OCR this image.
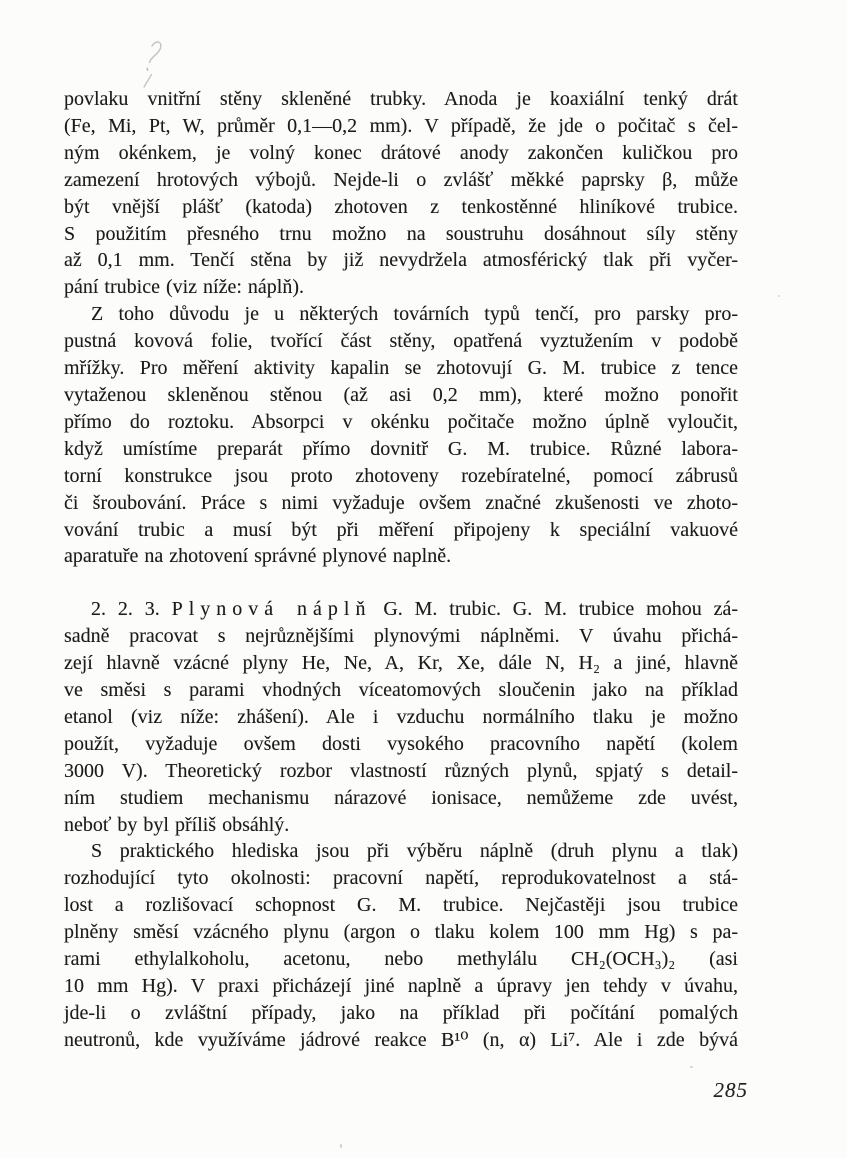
povlaku vnitřní stěny skleněné trubky. Anoda je koaxiální tenký drát
(Fe, Mi, Pt, W, průměr 0,1—0,2 mm). V případě, že jde o počitač s čel-
ným okénkem, je volný konec drátové anody zakončen kuličkou pro
zamezení hrotových výbojů. Nejde-li o zvlášť měkké paprsky β, může
být vnější plášť (katoda) zhotoven z tenkostěnné hliníkové trubice.
S použitím přesného trnu možno na soustruhu dosáhnout síly stěny
až 0,1 mm. Tenčí stěna by již nevydržela atmosférický tlak při vyčer-
pání trubice (viz níže: náplň).
Z toho důvodu je u některých továrních typů tenčí, pro parsky pro-
pustná kovová folie, tvořící část stěny, opatřená vyztužením v podobě
mřížky. Pro měření aktivity kapalin se zhotovují G. M. trubice z tence
vytaženou skleněnou stěnou (až asi 0,2 mm), které možno ponořit
přímo do roztoku. Absorpci v okénku počitače možno úplně vyloučit,
když umístíme preparát přímo dovnitř G. M. trubice. Různé labora-
torní konstrukce jsou proto zhotoveny rozebíratelné, pomocí zábrusů
či šroubování. Práce s nimi vyžaduje ovšem značné zkušenosti ve zhoto-
vování trubic a musí být při měření připojeny k speciální vakuové
aparatuře na zhotovení správné plynové naplně.
2. 2. 3. Plynová náplň G. M. trubic. G. M. trubice mohou zá-
sadně pracovat s nejrůznějšími plynovými náplněmi. V úvahu přichá-
zejí hlavně vzácné plyny He, Ne, A, Kr, Xe, dále N, H₂ a jiné, hlavně
ve směsi s parami vhodných víceatomových sloučenin jako na příklad
etanol (viz níže: zhášení). Ale i vzduchu normálního tlaku je možno
použít, vyžaduje ovšem dosti vysokého pracovního napětí (kolem
3000 V). Theoretický rozbor vlastností různých plynů, spjatý s detail-
ním studiem mechanismu nárazové ionisace, nemůžeme zde uvést,
neboť by byl příliš obsáhlý.
S praktického hlediska jsou při výběru náplně (druh plynu a tlak)
rozhodující tyto okolnosti: pracovní napětí, reprodukovatelnost a stá-
lost a rozlišovací schopnost G. M. trubice. Nejčastěji jsou trubice
plněny směsí vzácného plynu (argon o tlaku kolem 100 mm Hg) s pa-
rami ethylalkoholu, acetonu, nebo methylálu CH₂(OCH₃)₂ (asi
10 mm Hg). V praxi přicházejí jiné naplně a úpravy jen tehdy v úvahu,
jde-li o zvláštní případy, jako na příklad při počítání pomalých
neutronů, kde využíváme jádrové reakce B¹⁰ (n, α) Li⁷. Ale i zde bývá
285
